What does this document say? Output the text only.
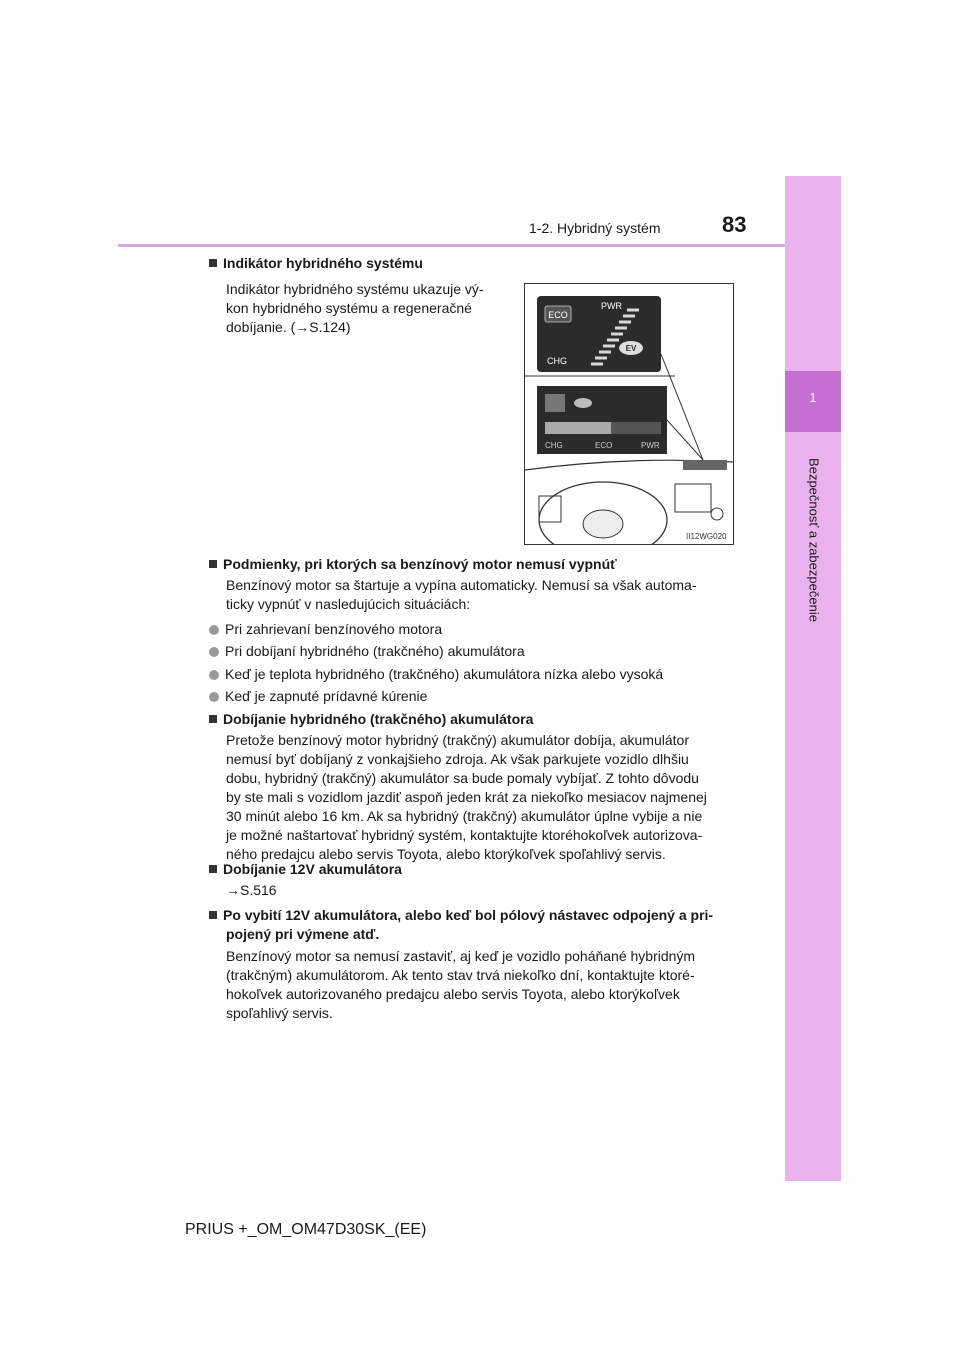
1
Bezpečnosť a zabezpečenie
1-2. Hybridný systém	83
Indikátor hybridného systému
Indikátor hybridného systému ukazuje vý-
kon hybridného systému a regeneračné
dobíjanie. (→S.124)
ECO
PWR
CHG
EV
CHG	ECO	PWR
II12WG020
Podmienky, pri ktorých sa benzínový motor nemusí vypnúť
Benzínový motor sa štartuje a vypína automaticky. Nemusí sa však automa-
ticky vypnúť v nasledujúcich situáciách:
Pri zahrievaní benzínového motora
Pri dobíjaní hybridného (trakčného) akumulátora
Keď je teplota hybridného (trakčného) akumulátora nízka alebo vysoká
Keď je zapnuté prídavné kúrenie
Dobíjanie hybridného (trakčného) akumulátora
Pretože benzínový motor hybridný (trakčný) akumulátor dobíja, akumulátor
nemusí byť dobíjaný z vonkajšieho zdroja. Ak však parkujete vozidlo dlhšiu
dobu, hybridný (trakčný) akumulátor sa bude pomaly vybíjať. Z tohto dôvodu
by ste mali s vozidlom jazdiť aspoň jeden krát za niekoľko mesiacov najmenej
30 minút alebo 16 km. Ak sa hybridný (trakčný) akumulátor úplne vybije a nie
je možné naštartovať hybridný systém, kontaktujte ktoréhokoľvek autorizova-
ného predajcu alebo servis Toyota, alebo ktorýkoľvek spoľahlivý servis.
Dobíjanie 12V akumulátora
→S.516
Po vybití 12V akumulátora, alebo keď bol pólový nástavec odpojený a pri-
pojený pri výmene atď.
Benzínový motor sa nemusí zastaviť, aj keď je vozidlo poháňané hybridným
(trakčným) akumulátorom. Ak tento stav trvá niekoľko dní, kontaktujte ktoré-
hokoľvek autorizovaného predajcu alebo servis Toyota, alebo ktorýkoľvek
spoľahlivý servis.
PRIUS +_OM_OM47D30SK_(EE)
